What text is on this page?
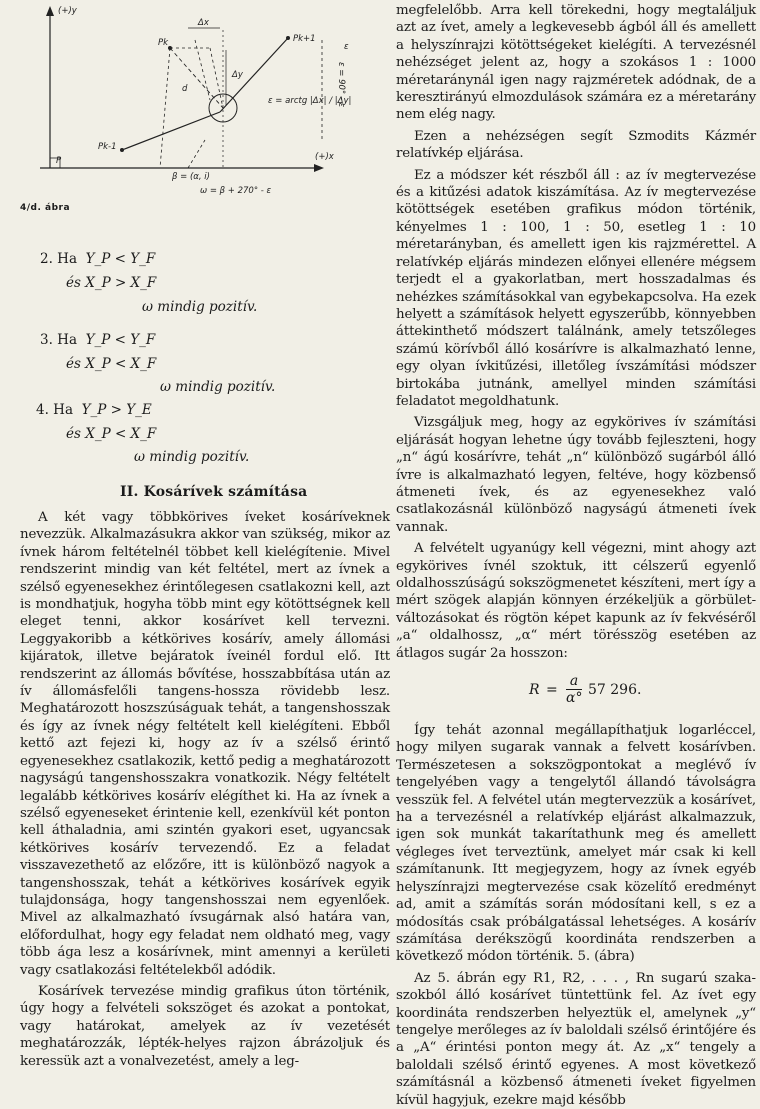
(+)y
(+)x
P
Pk	Pk+1
Pk-1
Δx
Δy
d
ε
ε = arctg |Δx| / |Δy|
ε = 90° - ε
β = (α, i)
ω = β + 270° - ε
4/d. ábra
2. Ha Y_P < Y_F
és X_P > X_F
ω mindig pozitív.
3. Ha Y_P < Y_F
és X_P < X_F
ω mindig pozitív.
4. Ha Y_P > Y_E
és X_P < X_F
ω mindig pozitív.
II. Kosárívek számítása

A két vagy többkörives íveket kosáríveknek nevezzük. Alkalmazásukra akkor van szükség, mikor az ívnek három feltételnél többet kell kielégítenie. Mivel rendszerint mindig van két feltétel, mert az ívnek a szélső egyenesekhez érintőlegesen csatlakozni kell, azt is mondhatjuk, hogyha több mint egy kötöttségnek kell eleget tenni, akkor kosárívet kell tervezni. Leggyakoribb a kétkörives kosárív, amely állomási kijáratok, illetve bejáratok íveinél fordul elő. Itt rendszerint az állomás bővítése, hosszabbítása után az ív állomásfelőli tangens-hossza rövidebb lesz. Meghatározott hoszszúságuak tehát, a tangenshosszak és így az ívnek négy feltételt kell kielégíteni. Ebből kettő azt fejezi ki, hogy az ív a szélső érintő egyenesekhez csatlakozik, kettő pedig a meghatározott nagyságú tangenshosszakra vonatkozik. Négy feltételt legalább kétkörives kosárív elégíthet ki. Ha az ívnek a szélső egyeneseket érintenie kell, ezenkívül két ponton kell áthaladnia, ami szintén gyakori eset, ugyancsak kétkörives kosárív tervezendő. Ez a feladat visszavezethető az előzőre, itt is különböző nagyok a tangenshosszak, tehát a kétkörives kosárívek egyik tulajdonsága, hogy tangenshosszai nem egyenlőek. Mivel az alkalmazható ívsugárnak alsó határa van, előfordulhat, hogy egy feladat nem oldható meg, vagy több ága lesz a kosárívnek, mint amennyi a kerületi vagy csatlakozási feltételekből adódik.

Kosárívek tervezése mindig grafikus úton történik, úgy hogy a felvételi sokszöget és azokat a pontokat, vagy határokat, amelyek az ív vezetését meghatározzák, lépték-helyes rajzon ábrázoljuk és keressük azt a vonalvezetést, amely a leg-

megfelelőbb. Arra kell törekedni, hogy megtaláljuk azt az ívet, amely a legkevesebb ágból áll és amellett a helyszínrajzi kötöttségeket kielégíti. A tervezésnél nehézséget jelent az, hogy a szokásos 1 : 1000 méretaránynál igen nagy rajzméretek adódnak, de a keresztirányú elmozdulások számára ez a méretarány nem elég nagy.

Ezen a nehézségen segít Szmodits Kázmér relatívkép eljárása.

Ez a módszer két részből áll : az ív megtervezése és a kitűzési adatok kiszámítása. Az ív megtervezése kötöttségek esetében grafikus módon történik, kényelmes 1 : 100, 1 : 50, esetleg 1 : 10 méretarányban, és amellett igen kis rajzmérettel. A relatívkép eljárás mindezen előnyei ellenére mégsem terjedt el a gyakorlatban, mert hosszadalmas és nehézkes számításokkal van egybekapcsolva. Ha ezek helyett a számítások helyett egyszerűbb, könnyebben áttekinthető módszert találnánk, amely tetszőleges számú körívből álló kosárívre is alkalmazható lenne, egy olyan ívkitűzési, illetőleg ívszámítási módszer birtokába jutnánk, amellyel minden számítási feladatot megoldhatunk.

Vizsgáljuk meg, hogy az egykörives ív számítási eljárását hogyan lehetne úgy tovább fejleszteni, hogy „n“ ágú kosárívre, tehát „n“ különböző sugárból álló ívre is alkalmazható legyen, feltéve, hogy közbenső átmeneti ívek, és az egyenesekhez való csatlakozásnál különböző nagyságú átmeneti ívek vannak.

A felvételt ugyanúgy kell végezni, mint ahogy azt egykörives ívnél szoktuk, itt célszerű egyenlő oldalhosszúságú sokszögmenetet készíteni, mert így a mért szögek alapján könnyen érzékeljük a görbület-változásokat és rögtön képet kapunk az ív fekvéséről „a“ oldalhossz, „α“ mért törésszög esetében az átlagos sugár 2a hosszon:

R =
a
α° 57 296.

Így tehát azonnal megállapíthatjuk logarléccel, hogy milyen sugarak vannak a felvett kosárívben. Természetesen a sokszögpontokat a meglévő ív tengelyében vagy a tengelytől állandó távolságra vesszük fel. A felvétel után megtervezzük a kosárívet, ha a tervezésnél a relatívkép eljárást alkalmazzuk, igen sok munkát takarítathunk meg és amellett végleges ívet terveztünk, amelyet már csak ki kell számítanunk. Itt megjegyzem, hogy az ívnek egyéb helyszínrajzi megtervezése csak közelítő eredményt ad, amit a számítás során módosítani kell, s ez a módosítás csak próbálgatással lehetséges. A kosárív számítása derékszögű koordináta rendszerben a következő módon történik. 5. (ábra)

Az 5. ábrán egy R1, R2, . . . , Rn sugarú szakaszokból álló kosárívet tüntettünk fel. Az ívet egy koordináta rendszerben helyeztük el, amelynek „y“ tengelye merőleges az ív baloldali szélső érintőjére és a „A“ érintési ponton megy át. Az „x“ tengely a baloldali szélső érintő egyenes. A most következő számításnál a közbenső átmeneti íveket figyelmen kívül hagyjuk, ezekre majd később
